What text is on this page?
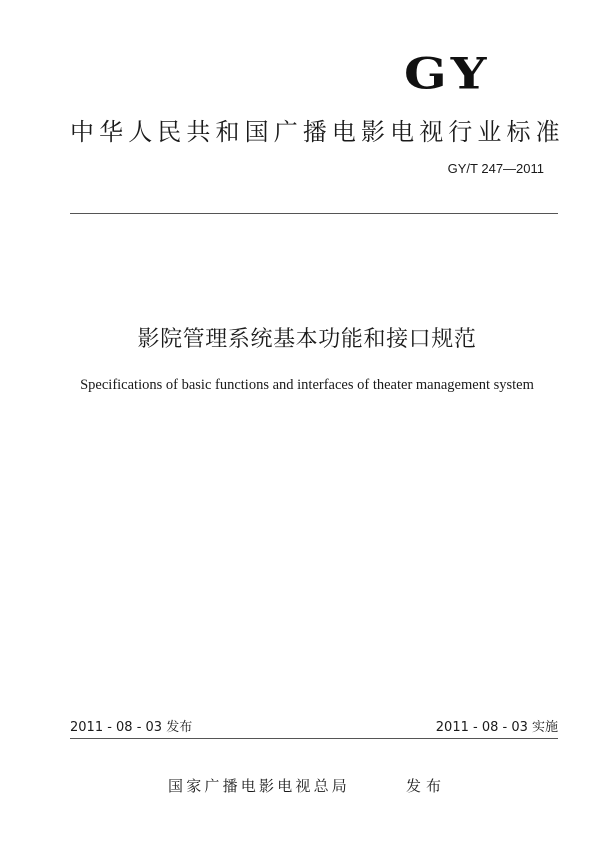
GY
中华人民共和国广播电影电视行业标准
GY/T 247—2011
影院管理系统基本功能和接口规范
Specifications of basic functions and interfaces of theater management system
2011 - 08 - 03 发布	2011 - 08 - 03 实施
国家广播电影电视总局	发布
